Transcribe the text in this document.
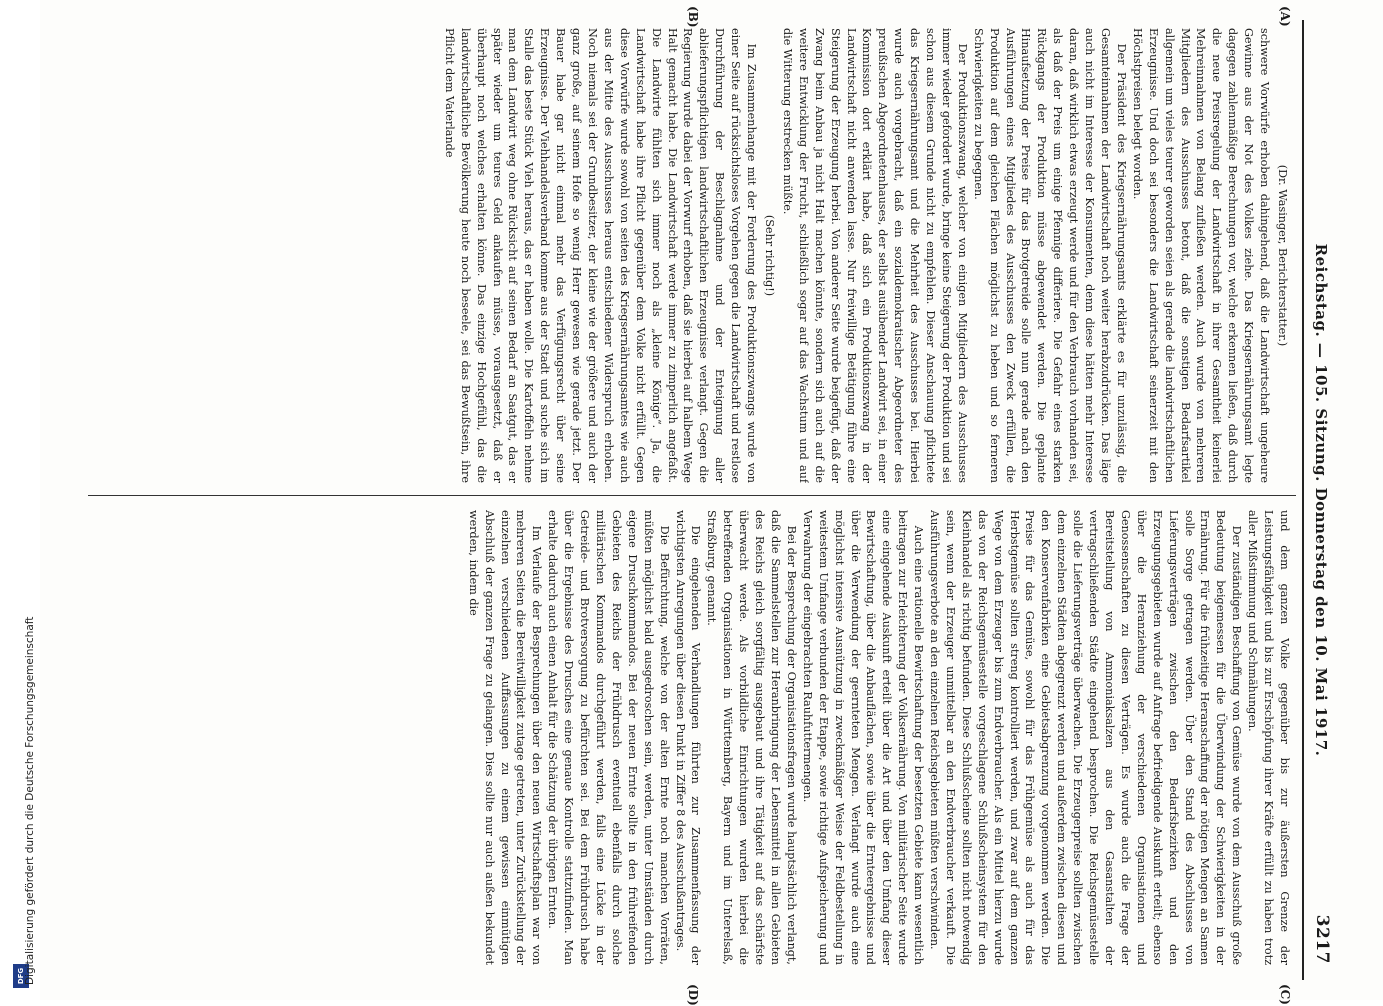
DFG Digitalisierung gefördert durch die Deutsche Forschungsgemeinschaft
Reichstag. — 105. Sitzung. Donnerstag den 10. Mai 1917.
3217
(A)
(B)
(C)
(D)

(Dr. Wasinger, Berichterstatter.)

schwere Vorwürfe erhoben dahingehend, daß die Landwirtschaft ungeheure Gewinne aus der Not des Volkes ziehe. Das Kriegsernährungsamt legte dagegen zahlenmäßige Berechnungen vor, welche erkennen ließen, daß durch die neue Preisregelung der Landwirtschaft in ihrer Gesamtheit keinerlei Mehreinnahmen von Belang zufließen werden. Auch wurde von mehreren Mitgliedern des Ausschusses betont, daß die sonstigen Bedarfsartikel allgemein um vieles teurer geworden seien als gerade die landwirtschaftlichen Erzeugnisse. Und doch sei besonders die Landwirtschaft seinerzeit mit den Höchstpreisen belegt worden.

Der Präsident des Kriegsernährungsamts erklärte es für unzulässig, die Gesamteinnahmen der Landwirtschaft noch weiter herabzudrücken. Das läge auch nicht im Interesse der Konsumenten, denn diese hätten mehr Interesse daran, daß wirklich etwas erzeugt werde und für den Verbrauch vorhanden sei, als daß der Preis um einige Pfennige differiere. Die Gefahr eines starken Rückgangs der Produktion müsse abgewendet werden. Die geplante Hinaufsetzung der Preise für das Brotgetreide solle nun gerade nach den Ausführungen eines Mitgliedes des Ausschusses den Zweck erfüllen, die Produktion auf dem gleichen Flächen möglichst zu heben und so ferneren Schwierigkeiten zu begegnen.

Der Produktionszwang, welcher von einigen Mitgliedern des Ausschusses immer wieder gefordert wurde, bringe keine Steigerung der Produktion und sei schon aus diesem Grunde nicht zu empfehlen. Dieser Anschauung pflichtete das Kriegsernährungsamt und die Mehrheit des Ausschusses bei. Hierbei wurde auch vorgebracht, daß ein sozialdemokratischer Abgeordneter des preußischen Abgeordnetenhauses, der selbst ausübender Landwirt sei, in einer Kommission dort erklärt habe, daß sich ein Produktionszwang in der Landwirtschaft nicht anwenden lasse. Nur freiwillige Betätigung führe eine Steigerung der Erzeugung herbei. Von anderer Seite wurde beigefügt, daß der Zwang beim Anbau ja nicht Halt machen könnte, sondern sich auch auf die weitere Entwicklung der Frucht, schließlich sogar auf das Wachstum und auf die Witterung erstrecken müßte.

(Sehr richtig!)

Im Zusammenhange mit der Forderung des Produktionszwangs wurde von einer Seite auf rücksichtsloses Vorgehen gegen die Landwirtschaft und restlose Durchführung der Beschlagnahme und der Enteignung aller ablieferungspflichtigen landwirtschaftlichen Erzeugnisse verlangt. Gegen die Regierung wurde dabei der Vorwurf erhoben, daß sie hierbei auf halbem Wege Halt gemacht habe. Die Landwirtschaft werde immer zu zimperlich angefaßt. Die Landwirte fühlten sich immer noch als „kleine Könige“. Ja, die Landwirtschaft habe ihre Pflicht gegenüber dem Volke nicht erfüllt. Gegen diese Vorwürfe wurde sowohl von seiten des Kriegsernährungsamtes wie auch aus der Mitte des Ausschusses heraus entschiedener Widerspruch erhoben. Noch niemals sei der Grundbesitzer, der kleine wie der größere und auch der ganz große, auf seinem Hofe so wenig Herr gewesen wie gerade jetzt. Der Bauer habe gar nicht einmal mehr das Verfügungsrecht über seine Erzeugnisse. Der Viehhandelsverband komme aus der Stadt und suche sich im Stalle das beste Stück Vieh heraus, das er haben wolle. Die Kartoffeln nehme man dem Landwirt weg ohne Rücksicht auf seinen Bedarf an Saatgut, das er später wieder um teures Geld ankaufen müsse, vorausgesetzt, daß er überhaupt noch welches erhalten könne. Das einzige Hochgefühl, das die landwirtschaftliche Bevölkerung heute noch beseele, sei das Bewußtsein, ihre Pflicht dem Vaterlande

und dem ganzen Volke gegenüber bis zur äußersten Grenze der Leistungsfähigkeit und bis zur Erschöpfung ihrer Kräfte erfüllt zu haben trotz aller Mißstimmung und Schmähungen.

Der zuständigen Beschaffung von Gemüse wurde von dem Ausschuß große Bedeutung beigemessen für die Überwindung der Schwierigkeiten in der Ernährung. Für die frühzeitige Heranschaffung der nötigen Mengen an Samen solle Sorge getragen werden. Über den Stand des Abschlusses von Lieferungsverträgen zwischen den Bedarfsbezirken und den Erzeugungsgebieten wurde auf Anfrage befriedigende Auskunft erteilt; ebenso über die Heranziehung der verschiedenen Organisationen und Genossenschaften zu diesen Verträgen. Es wurde auch die Frage der Bereitstellung von Ammoniaksalzen aus den Gasanstalten der vertragschließenden Städte eingehend besprochen. Die Reichsgemüsestelle solle die Lieferungsverträge überwachen. Die Erzeugerpreise sollten zwischen dem einzelnen Städten abgegrenzt werden und außerdem zwischen diesen und den Konservenfabriken eine Gebietsabgrenzung vorgenommen werden. Die Preise für das Gemüse, sowohl für das Frühgemüse als auch für das Herbstgemüse sollten streng kontrolliert werden, und zwar auf dem ganzen Wege von dem Erzeuger bis zum Endverbraucher. Als ein Mittel hierzu wurde das von der Reichsgemüsestelle vorgeschlagene Schlußscheinsystem für den Kleinhandel als richtig befunden. Diese Schlußscheine sollten nicht notwendig sein, wenn der Erzeuger unmittelbar an den Endverbraucher verkauft. Die Ausführungsverbote an den einzelnen Reichsgebieten müßten verschwinden.

Auch eine rationelle Bewirtschaftung der besetzten Gebiete kann wesentlich beitragen zur Erleichterung der Volksernährung. Von militärischer Seite wurde eine eingehende Auskunft erteilt über die Art und über den Umfang dieser Bewirtschaftung, über die Anbauflächen, sowie über die Ernteergebnisse und über die Verwendung der geernteten Mengen. Verlangt wurde auch eine möglichst intensive Ausnützung in zweckmäßiger Weise der Feldbestellung in weitestem Umfange verbunden der Etappe, sowie richtige Aufspeicherung und Verwahrung der eingebrachten Rauhfuttermengen.

Bei der Besprechung der Organisationsfragen wurde hauptsächlich verlangt, daß die Sammelstellen zur Heranbringung der Lebensmittel in allen Gebieten des Reichs gleich sorgfältig ausgebaut und ihre Tätigkeit auf das schärfste überwacht werde. Als vorbildliche Einrichtungen wurden hierbei die betreffenden Organisationen in Württemberg, Bayern und im Unterelsaß, Straßburg, genannt.

Die eingehenden Verhandlungen führten zur Zusammenfassung der wichtigsten Anregungen über diesen Punkt in Ziffer 8 des Ausschußantrages.

Die Befürchtung, welche von der alten Ernte noch manchen Vorräten, müßten möglichst bald ausgedroschen sein, werden, unter Umständen durch eigene Druschkommandos. Bei der neuen Ernte sollte in den frühreifenden Gebieten des Reichs der Frühdrusch eventuell ebenfalls durch solche militärischen Kommandos durchgeführt werden, falls eine Lücke in der Getreide- und Brotversorgung zu befürchten sei. Bei dem Frühdrusch habe über die Ergebnisse des Drusches eine genaue Kontrolle stattzufinden. Man erhalte dadurch auch einen Anhalt für die Schätzung der übrigen Ernten.

Im Verlaufe der Besprechungen über den neuen Wirtschaftsplan war von mehreren Seiten die Bereitwilligkeit zutage getreten, unter Zurückstellung der einzelnen verschiedenen Auffassungen zu einem gewissen einmütigen Abschluß der ganzen Frage zu gelangen. Dies sollte nur auch außen bekundet werden, indem die
